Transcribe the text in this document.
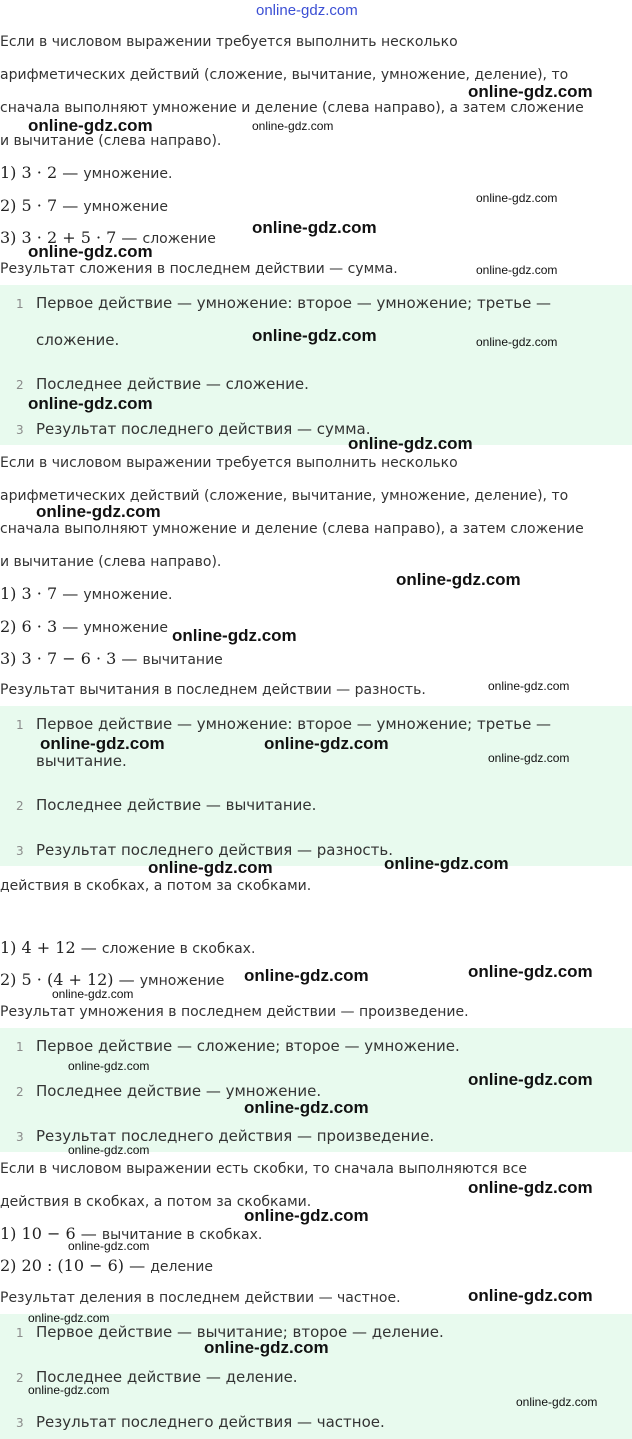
online-gdz.com
Если в числовом выражении требуется выполнить несколько
арифметических действий (сложение, вычитание, умножение, деление), то
сначала выполняют умножение и деление (слева направо), а затем сложение
и вычитание (слева направо).
1) 3 · 2 — умножение.
2) 5 · 7 — умножение
3) 3 · 2 + 5 · 7 — сложение
Результат сложения в последнем действии — сумма.
1 Первое действие — умножение: второе — умножение; третье —
сложение.
2 Последнее действие — сложение.
3 Результат последнего действия — сумма.
Если в числовом выражении требуется выполнить несколько
арифметических действий (сложение, вычитание, умножение, деление), то
сначала выполняют умножение и деление (слева направо), а затем сложение
и вычитание (слева направо).
1) 3 · 7 — умножение.
2) 6 · 3 — умножение
3) 3 · 7 − 6 · 3 — вычитание
Результат вычитания в последнем действии — разность.
1 Первое действие — умножение: второе — умножение; третье —
вычитание.
2 Последнее действие — вычитание.
3 Результат последнего действия — разность.
действия в скобках, а потом за скобками.
1) 4 + 12 — сложение в скобках.
2) 5 · (4 + 12) — умножение
Результат умножения в последнем действии — произведение.
1 Первое действие — сложение; второе — умножение.
2 Последнее действие — умножение.
3 Результат последнего действия — произведение.
Если в числовом выражении есть скобки, то сначала выполняются все
действия в скобках, а потом за скобками.
1) 10 − 6 — вычитание в скобках.
2) 20 : (10 − 6) — деление
Результат деления в последнем действии — частное.
1 Первое действие — вычитание; второе — деление.
2 Последнее действие — деление.
3 Результат последнего действия — частное.
online-gdz.com
online-gdz.com	online-gdz.com
online-gdz.com
online-gdz.com
online-gdz.com
online-gdz.com
online-gdz.com	online-gdz.com
online-gdz.com
online-gdz.com
online-gdz.com
online-gdz.com
online-gdz.com
online-gdz.com
online-gdz.com	online-gdz.com
online-gdz.com
online-gdz.com	online-gdz.com
online-gdz.com
online-gdz.com
online-gdz.com
online-gdz.com
online-gdz.com
online-gdz.com
online-gdz.com
online-gdz.com
online-gdz.com
online-gdz.com
online-gdz.com
online-gdz.com
online-gdz.com
online-gdz.com
online-gdz.com
